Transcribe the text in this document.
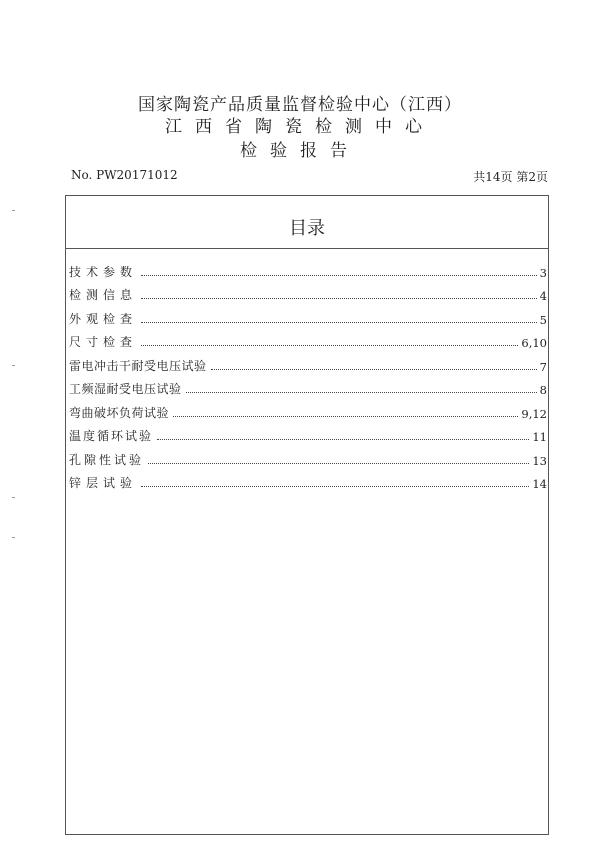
国家陶瓷产品质量监督检验中心（江西）
江西省陶瓷检测中心
检验报告
No. PW20171012	共14页 第2页
目录
技术参数	3
检测信息	4
外观检查	5
尺寸检查	6,10
雷电冲击干耐受电压试验	7
工频湿耐受电压试验	8
弯曲破坏负荷试验	9,12
温度循环试验	11
孔隙性试验	13
锌层试验	14
